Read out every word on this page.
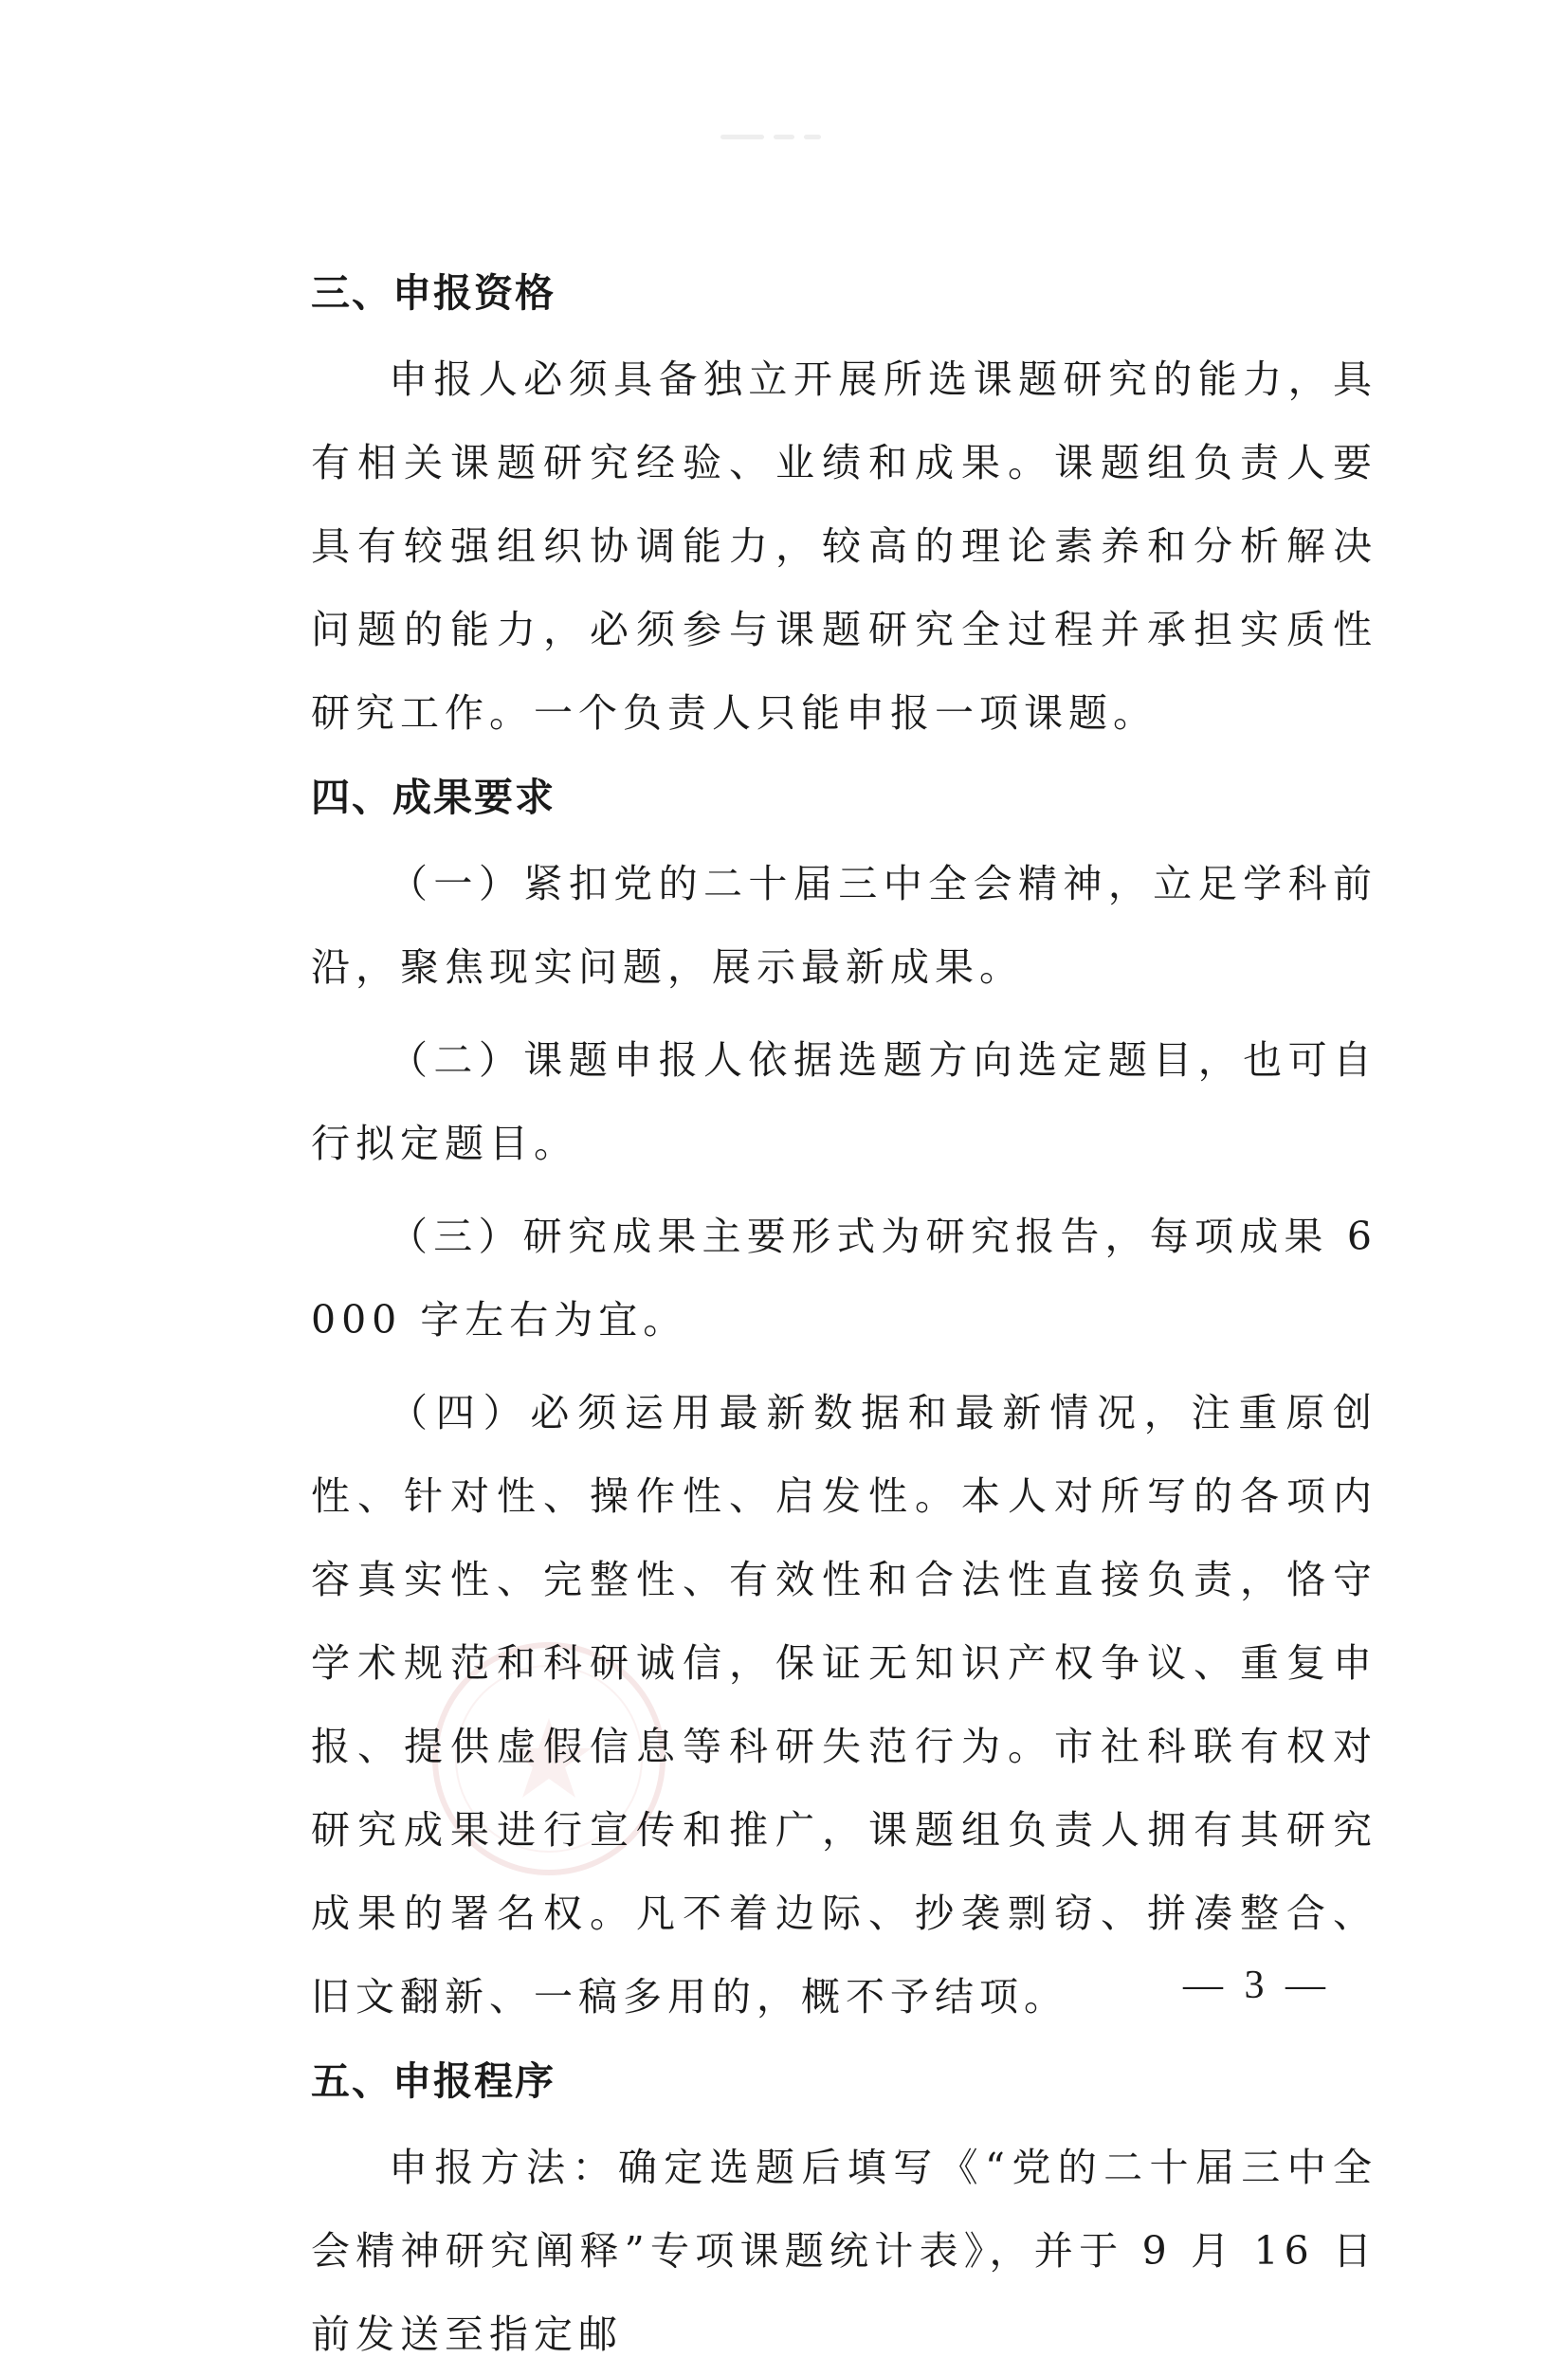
三、申报资格

申报人必须具备独立开展所选课题研究的能力，具有相关课题研究经验、业绩和成果。课题组负责人要具有较强组织协调能力，较高的理论素养和分析解决问题的能力，必须参与课题研究全过程并承担实质性研究工作。一个负责人只能申报一项课题。

四、成果要求

（一）紧扣党的二十届三中全会精神，立足学科前沿，聚焦现实问题，展示最新成果。

（二）课题申报人依据选题方向选定题目，也可自行拟定题目。

（三）研究成果主要形式为研究报告，每项成果 6000 字左右为宜。

（四）必须运用最新数据和最新情况，注重原创性、针对性、操作性、启发性。本人对所写的各项内容真实性、完整性、有效性和合法性直接负责，恪守学术规范和科研诚信，保证无知识产权争议、重复申报、提供虚假信息等科研失范行为。市社科联有权对研究成果进行宣传和推广，课题组负责人拥有其研究成果的署名权。凡不着边际、抄袭剽窃、拼凑整合、旧文翻新、一稿多用的，概不予结项。

五、申报程序

申报方法：确定选题后填写《“党的二十届三中全会精神研究阐释”专项课题统计表》，并于 9 月 16 日前发送至指定邮

— 3 —
